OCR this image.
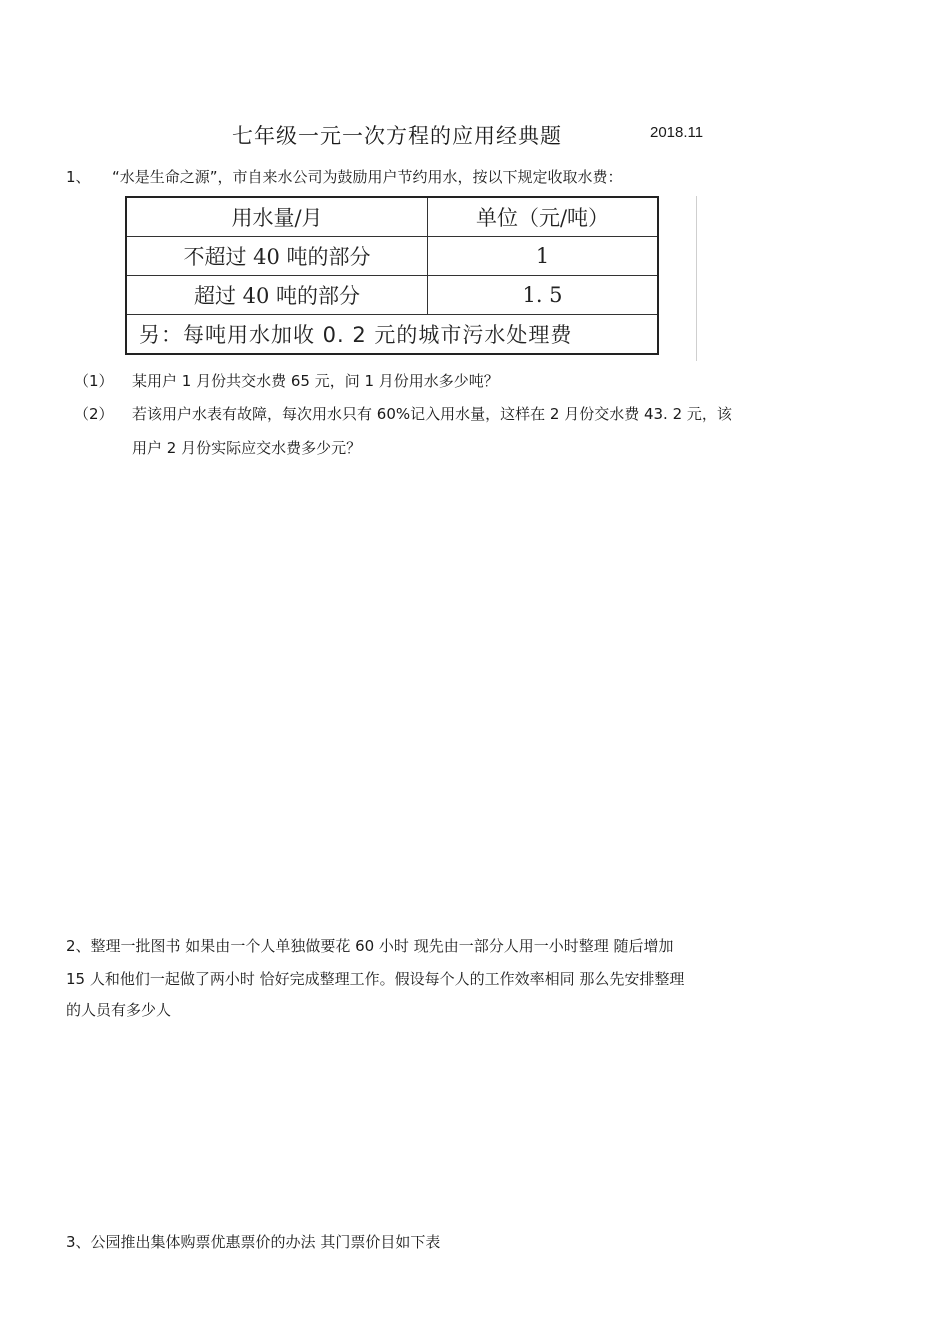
七年级一元一次方程的应用经典题	2018.11
1、 “水是生命之源”，市自来水公司为鼓励用户节约用水，按以下规定收取水费：
用水量/月	单位（元/吨）
不超过 40 吨的部分	1
超过 40 吨的部分	1. 5
另：每吨用水加收 0. 2 元的城市污水处理费	
（1） 某用户 1 月份共交水费 65 元，问 1 月份用水多少吨？
（2） 若该用户水表有故障，每次用水只有 60%记入用水量，这样在 2 月份交水费 43. 2 元，该
用户 2 月份实际应交水费多少元？
2、整理一批图书 如果由一个人单独做要花 60 小时 现先由一部分人用一小时整理 随后增加
15 人和他们一起做了两小时 恰好完成整理工作。假设每个人的工作效率相同 那么先安排整理
的人员有多少人
3、公园推出集体购票优惠票价的办法 其门票价目如下表
